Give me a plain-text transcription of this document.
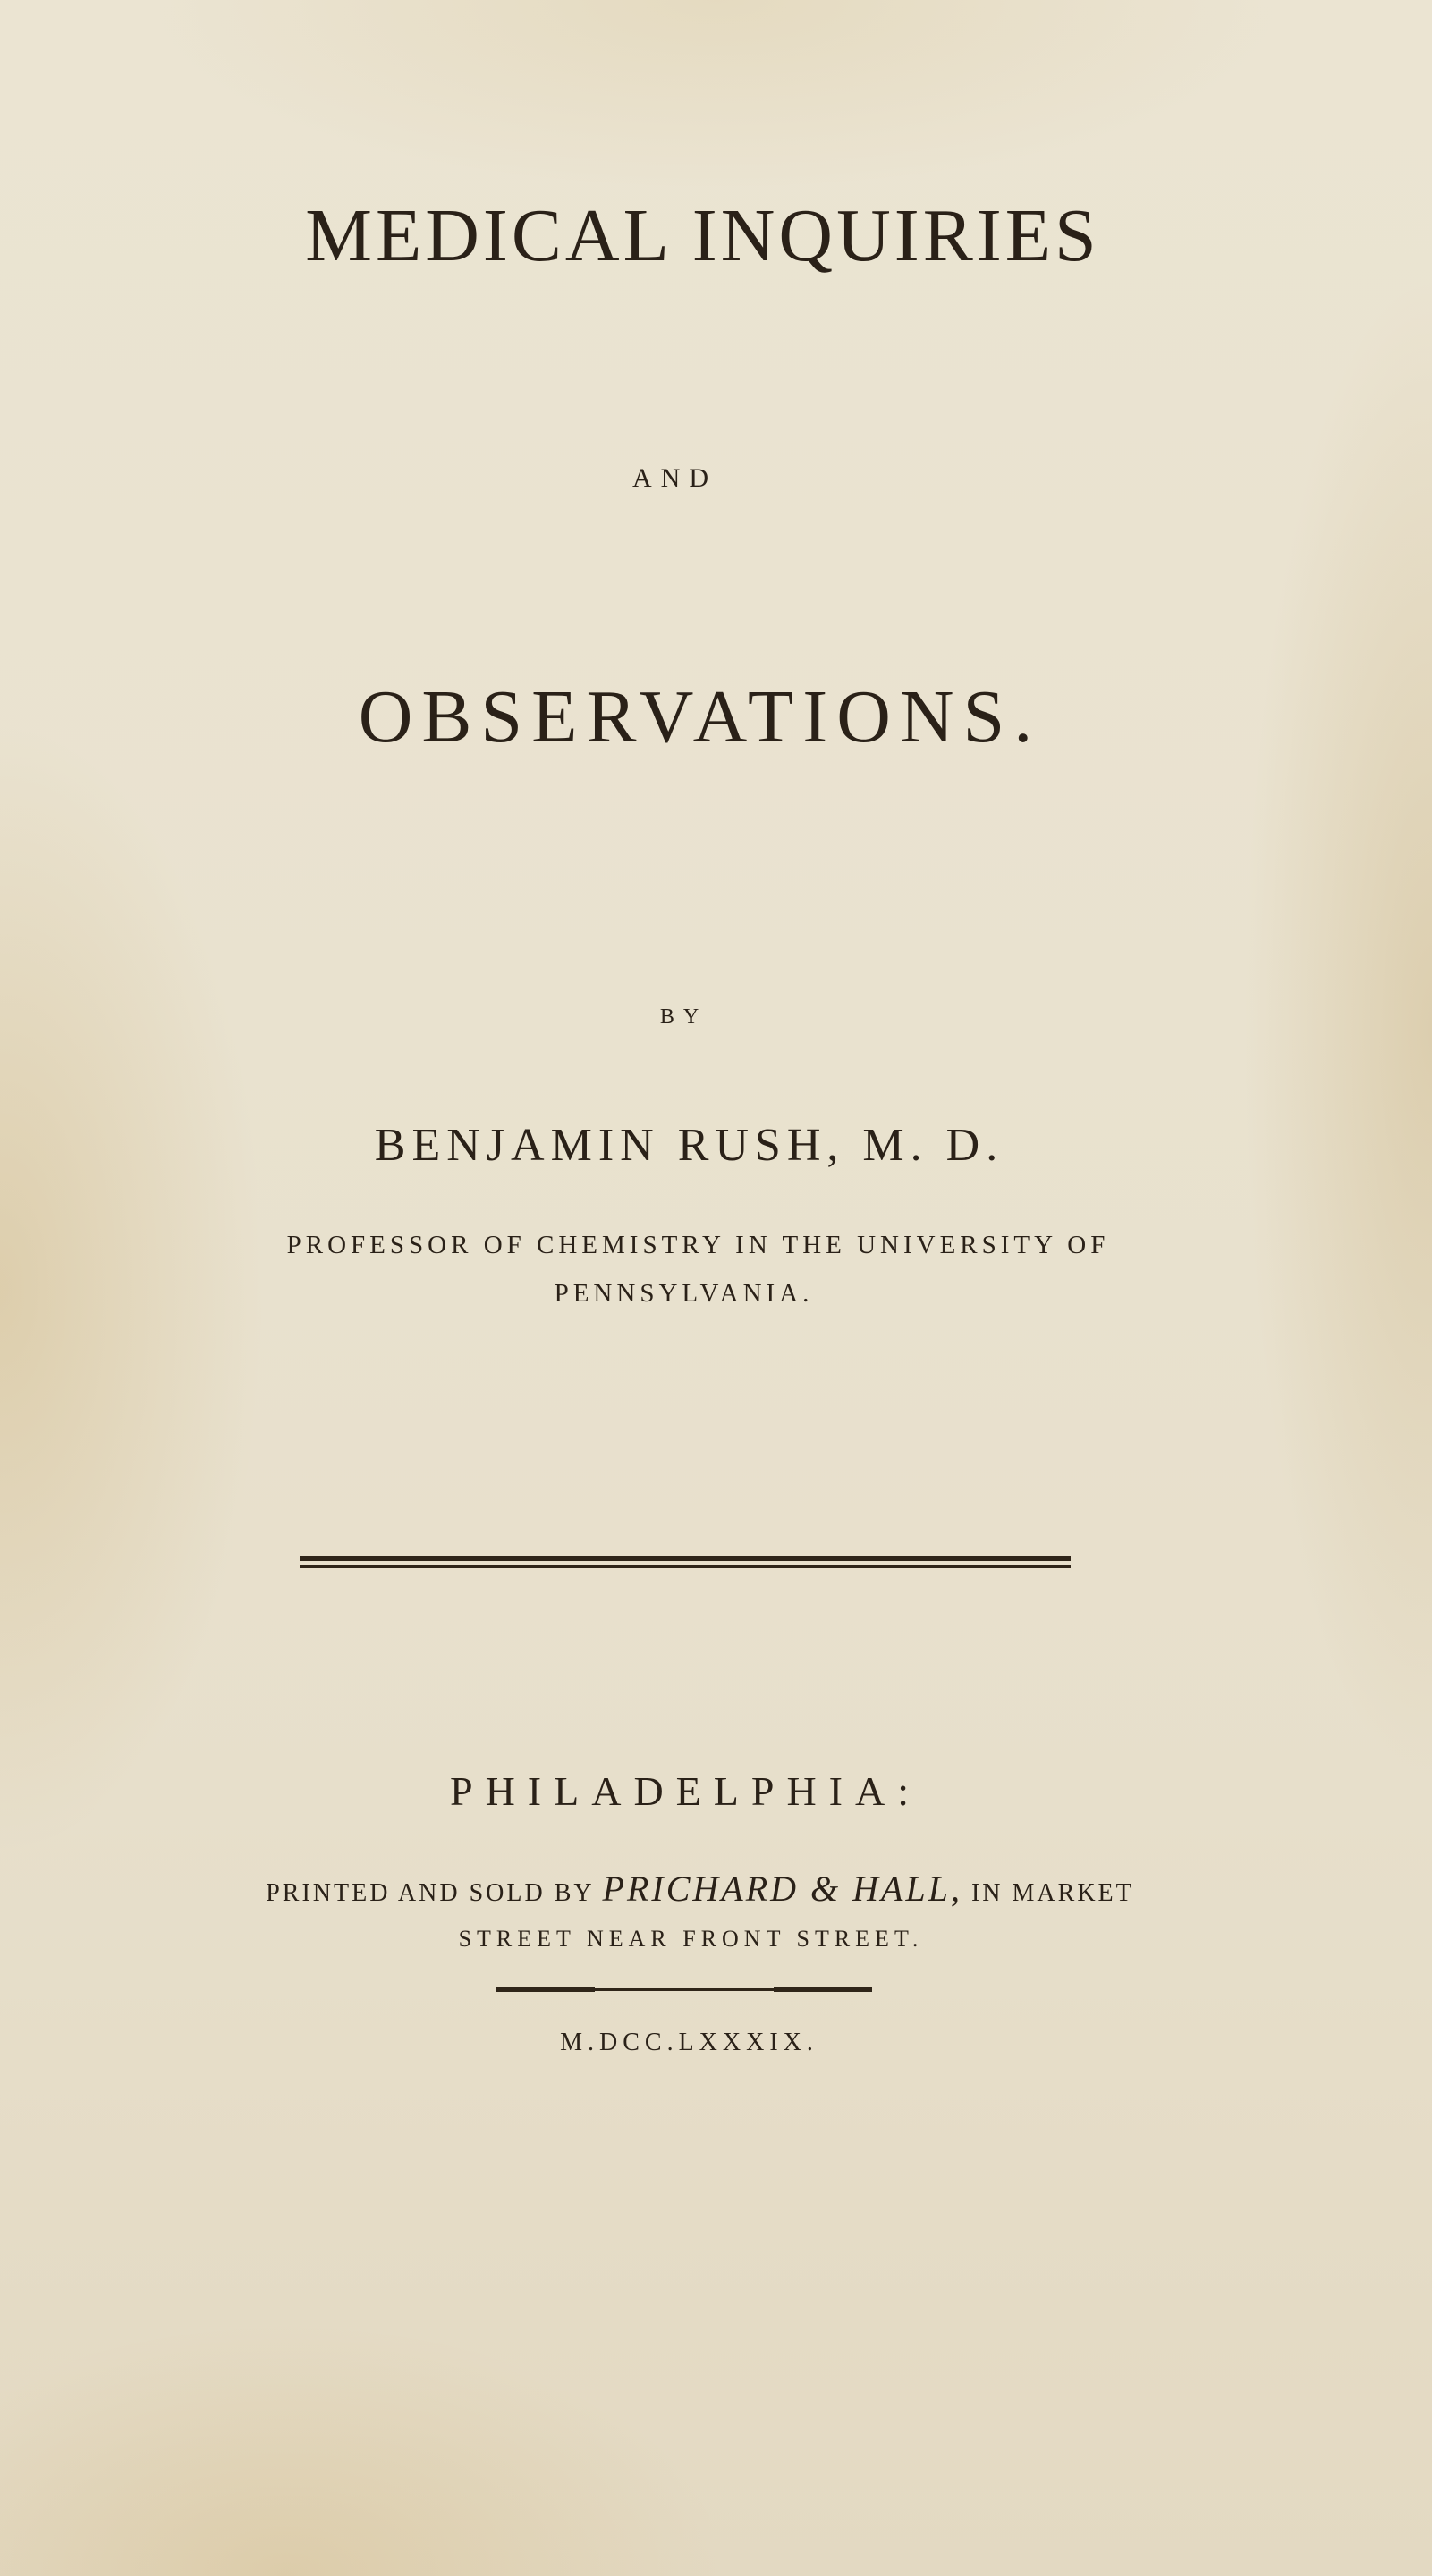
MEDICAL INQUIRIES
AND
OBSERVATIONS.
BY
BENJAMIN RUSH, M. D.
PROFESSOR OF CHEMISTRY IN THE UNIVERSITY OF
PENNSYLVANIA.
PHILADELPHIA:
PRINTED AND SOLD BY PRICHARD & HALL, IN MARKET
STREET NEAR FRONT STREET.
M.DCC.LXXXIX.
